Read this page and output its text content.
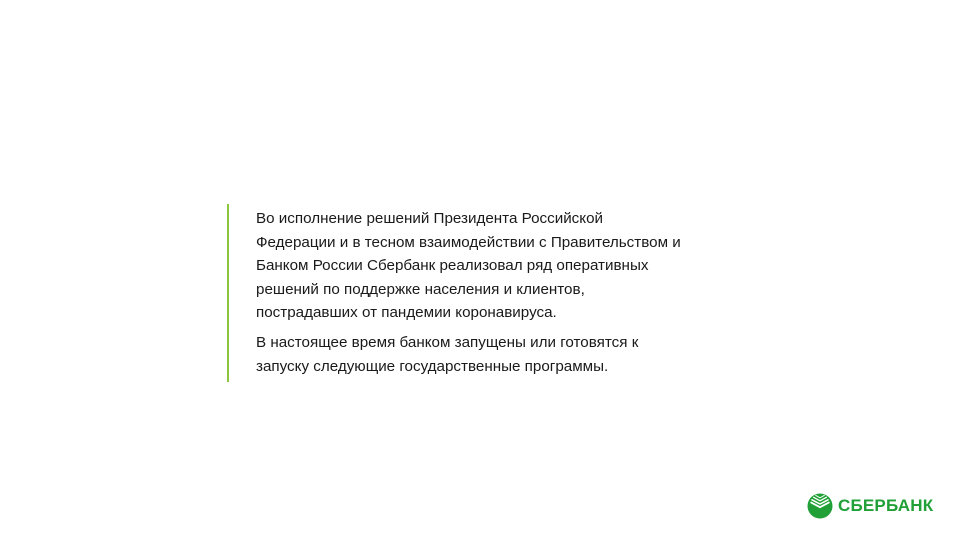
Во исполнение решений Президента Российской
Федерации и в тесном взаимодействии с Правительством и
Банком России Сбербанк реализовал ряд оперативных
решений по поддержке населения и клиентов,
пострадавших от пандемии коронавируса.

В настоящее время банком запущены или готовятся к
запуску следующие государственные программы.

СБЕРБАНК
